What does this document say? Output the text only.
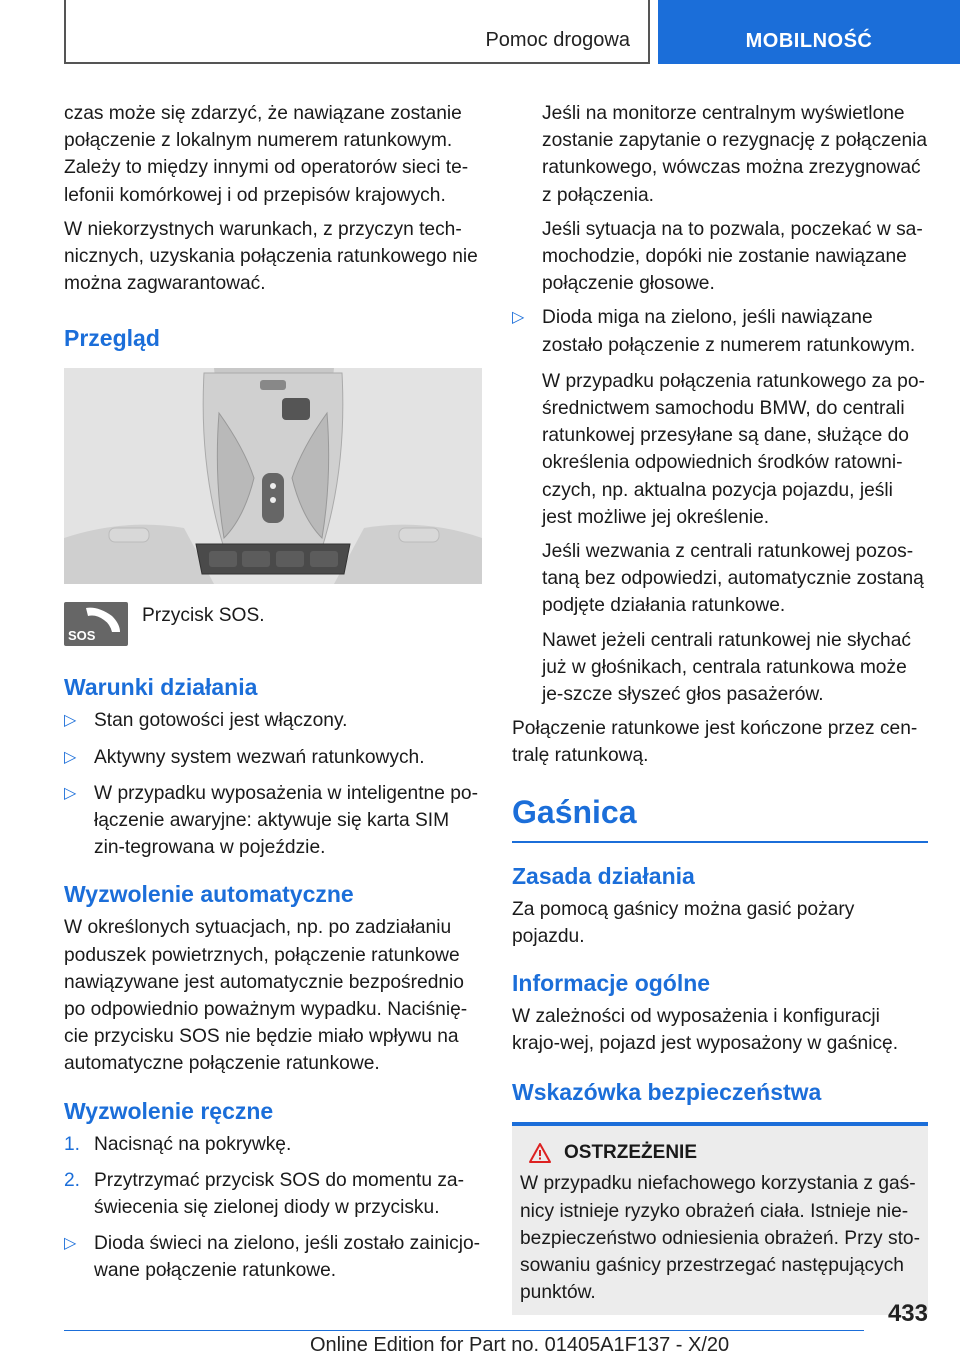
Pomoc drogowa	MOBILNOŚĆ

czas może się zdarzyć, że nawiązane zostanie połączenie z lokalnym numerem ratunkowym. Zależy to między innymi od operatorów sieci te-lefonii komórkowej i od przepisów krajowych.

W niekorzystnych warunkach, z przyczyn tech-nicznych, uzyskania połączenia ratunkowego nie można zagwarantować.

Przegląd
SOS
Przycisk SOS.
Warunki działania
▷ Stan gotowości jest włączony.
▷ Aktywny system wezwań ratunkowych.
▷ W przypadku wyposażenia w inteligentne po-łączenie awaryjne: aktywuje się karta SIM zin-tegrowana w pojeździe.
Wyzwolenie automatyczne

W określonych sytuacjach, np. po zadziałaniu poduszek powietrznych, połączenie ratunkowe nawiązywane jest automatycznie bezpośrednio po odpowiednio poważnym wypadku. Naciśnię-cie przycisku SOS nie będzie miało wpływu na automatyczne połączenie ratunkowe.

Wyzwolenie ręczne
1. Nacisnąć na pokrywkę.
2. Przytrzymać przycisk SOS do momentu za-świecenia się zielonej diody w przycisku.
▷ Dioda świeci na zielono, jeśli zostało zainicjo-wane połączenie ratunkowe.
Jeśli na monitorze centralnym wyświetlone zostanie zapytanie o rezygnację z połączenia ratunkowego, wówczas można zrezygnować z połączenia.
Jeśli sytuacja na to pozwala, poczekać w sa-mochodzie, dopóki nie zostanie nawiązane połączenie głosowe.
▷ Dioda miga na zielono, jeśli nawiązane zostało połączenie z numerem ratunkowym.
W przypadku połączenia ratunkowego za po-średnictwem samochodu BMW, do centrali ratunkowej przesyłane są dane, służące do określenia odpowiednich środków ratowni-czych, np. aktualna pozycja pojazdu, jeśli jest możliwe jej określenie.
Jeśli wezwania z centrali ratunkowej pozos-taną bez odpowiedzi, automatycznie zostaną podjęte działania ratunkowe.
Nawet jeżeli centrali ratunkowej nie słychać już w głośnikach, centrala ratunkowa może je-szcze słyszeć głos pasażerów.

Połączenie ratunkowe jest kończone przez cen-tralę ratunkową.

Gaśnica
Zasada działania

Za pomocą gaśnicy można gasić pożary pojazdu.

Informacje ogólne

W zależności od wyposażenia i konfiguracji krajo-wej, pojazd jest wyposażony w gaśnicę.

Wskazówka bezpieczeństwa
OSTRZEŻENIE

W przypadku niefachowego korzystania z gaś-nicy istnieje ryzyko obrażeń ciała. Istnieje nie-bezpieczeństwo odniesienia obrażeń. Przy sto-sowaniu gaśnicy przestrzegać następujących punktów.

433
Online Edition for Part no. 01405A1F137 - X/20
